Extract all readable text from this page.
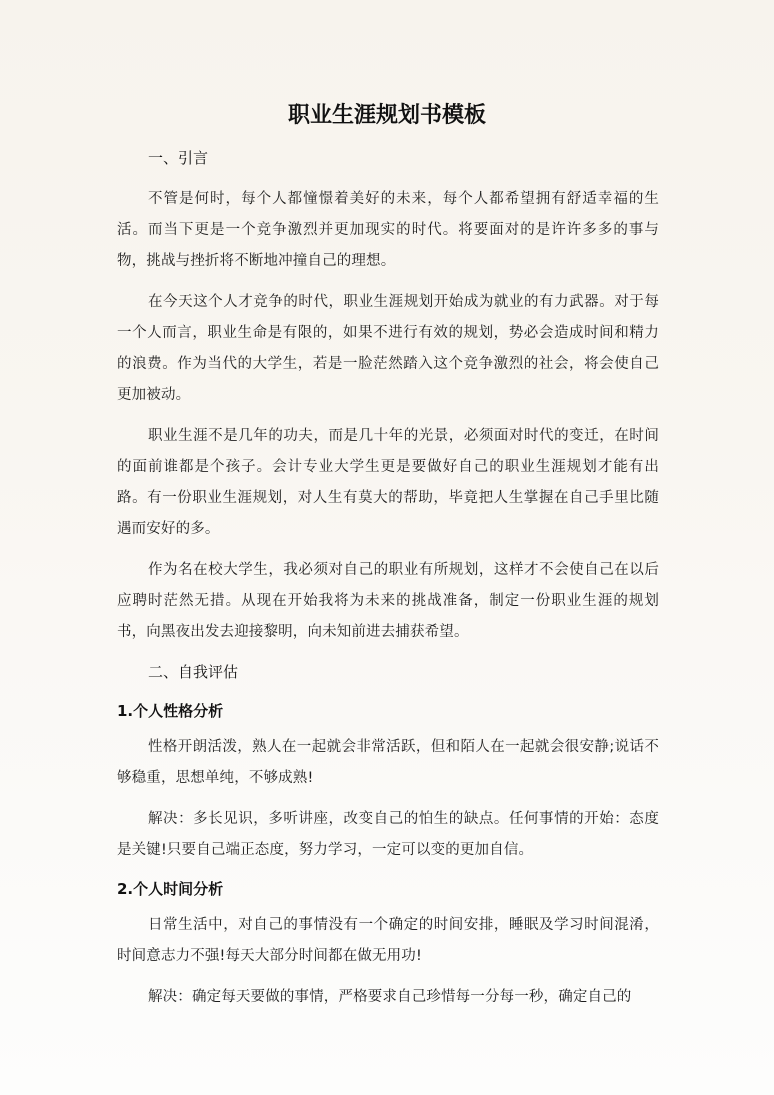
职业生涯规划书模板
一、引言

不管是何时，每个人都憧憬着美好的未来，每个人都希望拥有舒适幸福的生活。而当下更是一个竞争激烈并更加现实的时代。将要面对的是许许多多的事与物，挑战与挫折将不断地冲撞自己的理想。

在今天这个人才竞争的时代，职业生涯规划开始成为就业的有力武器。对于每一个人而言，职业生命是有限的，如果不进行有效的规划，势必会造成时间和精力的浪费。作为当代的大学生，若是一脸茫然踏入这个竞争激烈的社会，将会使自己更加被动。

职业生涯不是几年的功夫，而是几十年的光景，必须面对时代的变迁，在时间的面前谁都是个孩子。会计专业大学生更是要做好自己的职业生涯规划才能有出路。有一份职业生涯规划，对人生有莫大的帮助，毕竟把人生掌握在自己手里比随遇而安好的多。

作为名在校大学生，我必须对自己的职业有所规划，这样才不会使自己在以后应聘时茫然无措。从现在开始我将为未来的挑战准备，制定一份职业生涯的规划书，向黑夜出发去迎接黎明，向未知前进去捕获希望。

二、自我评估
1.个人性格分析

性格开朗活泼，熟人在一起就会非常活跃，但和陌人在一起就会很安静;说话不够稳重，思想单纯，不够成熟!

解决：多长见识，多听讲座，改变自己的怕生的缺点。任何事情的开始：态度是关键!只要自己端正态度，努力学习，一定可以变的更加自信。

2.个人时间分析

日常生活中，对自己的事情没有一个确定的时间安排，睡眠及学习时间混淆，时间意志力不强!每天大部分时间都在做无用功!

解决：确定每天要做的事情，严格要求自己珍惜每一分每一秒，确定自己的
